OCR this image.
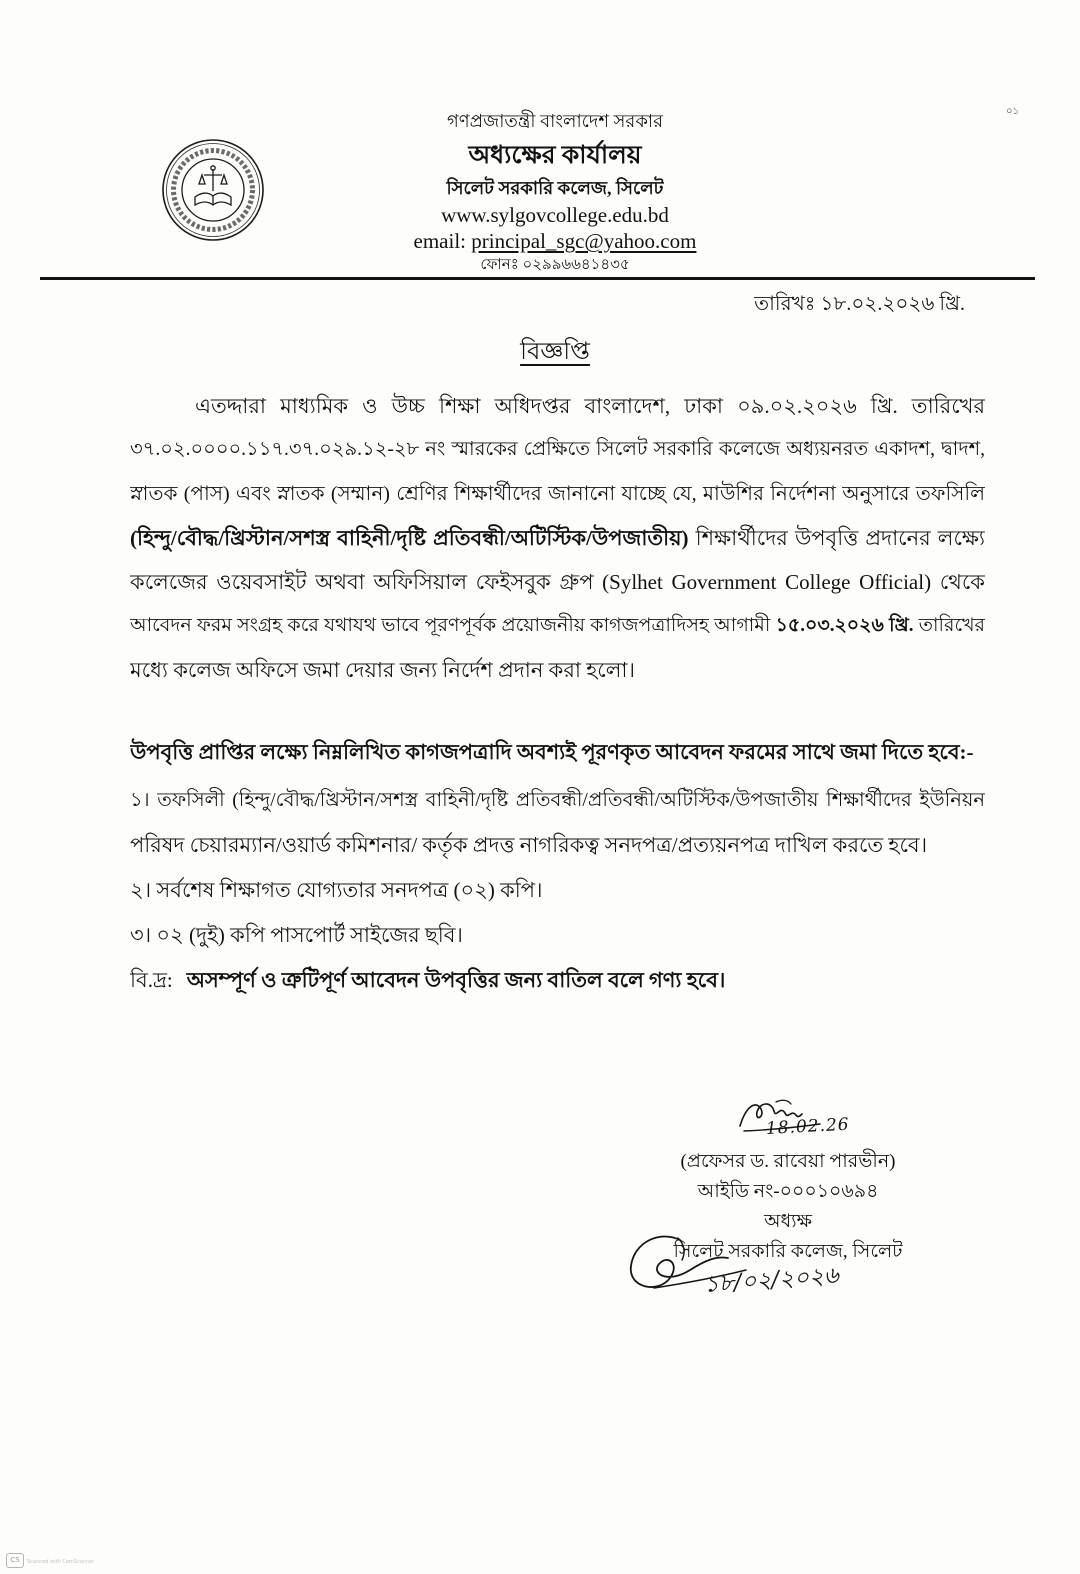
০১
গণপ্রজাতন্ত্রী বাংলাদেশ সরকার
অধ্যক্ষের কার্যালয়
সিলেট সরকারি কলেজ, সিলেট
www.sylgovcollege.edu.bd
email: principal_sgc@yahoo.com
ফোনঃ ০২৯৯৬৬৪১৪৩৫
তারিখঃ ১৮.০২.২০২৬ খ্রি.
বিজ্ঞপ্তি
এতদ্দারা মাধ্যমিক ও উচ্চ শিক্ষা অধিদপ্তর বাংলাদেশ, ঢাকা ০৯.০২.২০২৬ খ্রি. তারিখের
৩৭.০২.০০০০.১১৭.৩৭.০২৯.১২-২৮ নং স্মারকের প্রেক্ষিতে সিলেট সরকারি কলেজে অধ্যয়নরত একাদশ, দ্বাদশ,
স্নাতক (পাস) এবং স্নাতক (সম্মান) শ্রেণির শিক্ষার্থীদের জানানো যাচ্ছে যে, মাউশির নির্দেশনা অনুসারে তফসিলি
(হিন্দু/বৌদ্ধ/খ্রিস্টান/সশস্ত্র বাহিনী/দৃষ্টি প্রতিবন্ধী/অটিস্টিক/উপজাতীয়) শিক্ষার্থীদের উপবৃত্তি প্রদানের লক্ষ্যে
কলেজের ওয়েবসাইট অথবা অফিসিয়াল ফেইসবুক গ্রুপ (Sylhet Government College Official) থেকে
আবেদন ফরম সংগ্রহ করে যথাযথ ভাবে পূরণপূর্বক প্রয়োজনীয় কাগজপত্রাদিসহ আগামী ১৫.০৩.২০২৬ খ্রি. তারিখের
মধ্যে কলেজ অফিসে জমা দেয়ার জন্য নির্দেশ প্রদান করা হলো।
উপবৃত্তি প্রাপ্তির লক্ষ্যে নিম্নলিখিত কাগজপত্রাদি অবশ্যই পূরণকৃত আবেদন ফরমের সাথে জমা দিতে হবে:-
১। তফসিলী (হিন্দু/বৌদ্ধ/খ্রিস্টান/সশস্ত্র বাহিনী/দৃষ্টি প্রতিবন্ধী/প্রতিবন্ধী/অটিস্টিক/উপজাতীয় শিক্ষার্থীদের ইউনিয়ন
পরিষদ চেয়ারম্যান/ওয়ার্ড কমিশনার/ কর্তৃক প্রদত্ত নাগরিকত্ব সনদপত্র/প্রত্যয়নপত্র দাখিল করতে হবে।
২। সর্বশেষ শিক্ষাগত যোগ্যতার সনদপত্র (০২) কপি।
৩। ০২ (দুই) কপি পাসপোর্ট সাইজের ছবি।
বি.দ্র: অসম্পূর্ণ ও ত্রুটিপূর্ণ আবেদন উপবৃত্তির জন্য বাতিল বলে গণ্য হবে।
18.02.26
(প্রফেসর ড. রাবেয়া পারভীন)
আইডি নং-০০০১০৬৯৪
অধ্যক্ষ
সিলেট সরকারি কলেজ, সিলেট
১৮/০২/২০২৬
CS	Scanned with CamScanner
